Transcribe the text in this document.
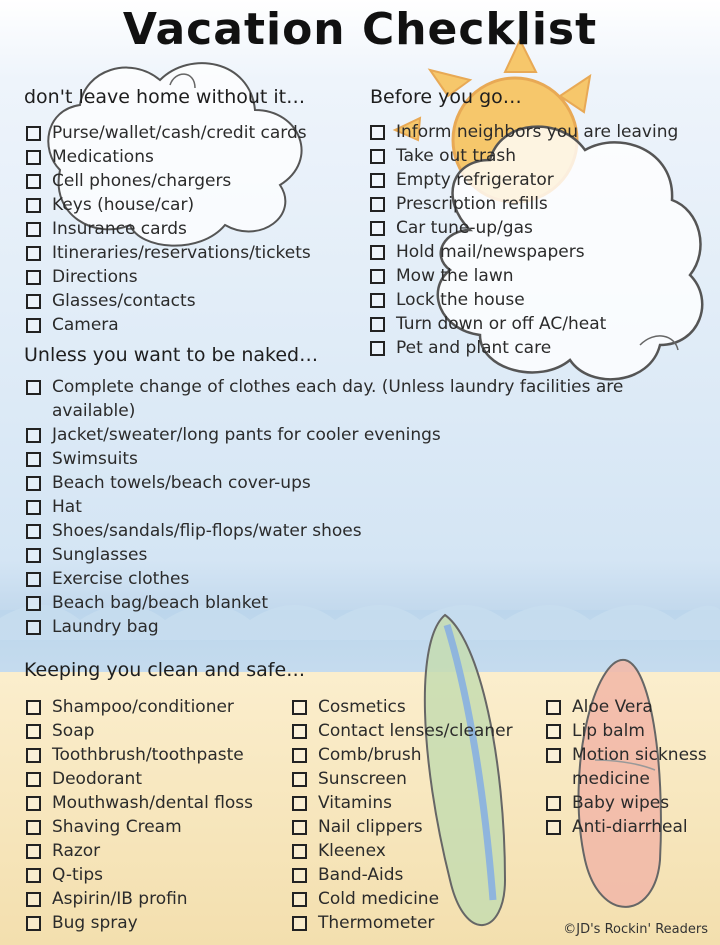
Vacation Checklist

don't leave home without it…

Purse/wallet/cash/credit cards
Medications
Cell phones/chargers
Keys (house/car)
Insurance cards
Itineraries/reservations/tickets
Directions
Glasses/contacts
Camera

Before you go…

Inform neighbors you are leaving
Take out trash
Empty refrigerator
Prescription refills
Car tune-up/gas
Hold mail/newspapers
Mow the lawn
Lock the house
Turn down or off AC/heat
Pet and plant care

Unless you want to be naked…

Complete change of clothes each day. (Unless laundry facilities are available)
Jacket/sweater/long pants for cooler evenings
Swimsuits
Beach towels/beach cover-ups
Hat
Shoes/sandals/flip-flops/water shoes
Sunglasses
Exercise clothes
Beach bag/beach blanket
Laundry bag

Keeping you clean and safe…

Shampoo/conditioner
Soap
Toothbrush/toothpaste
Deodorant
Mouthwash/dental floss
Shaving Cream
Razor
Q-tips
Aspirin/IB profin
Bug spray
Cosmetics
Contact lenses/cleaner
Comb/brush
Sunscreen
Vitamins
Nail clippers
Kleenex
Band-Aids
Cold medicine
Thermometer
Aloe Vera
Lip balm
Motion sickness medicine
Baby wipes
Anti-diarrheal
©JD's Rockin' Readers
